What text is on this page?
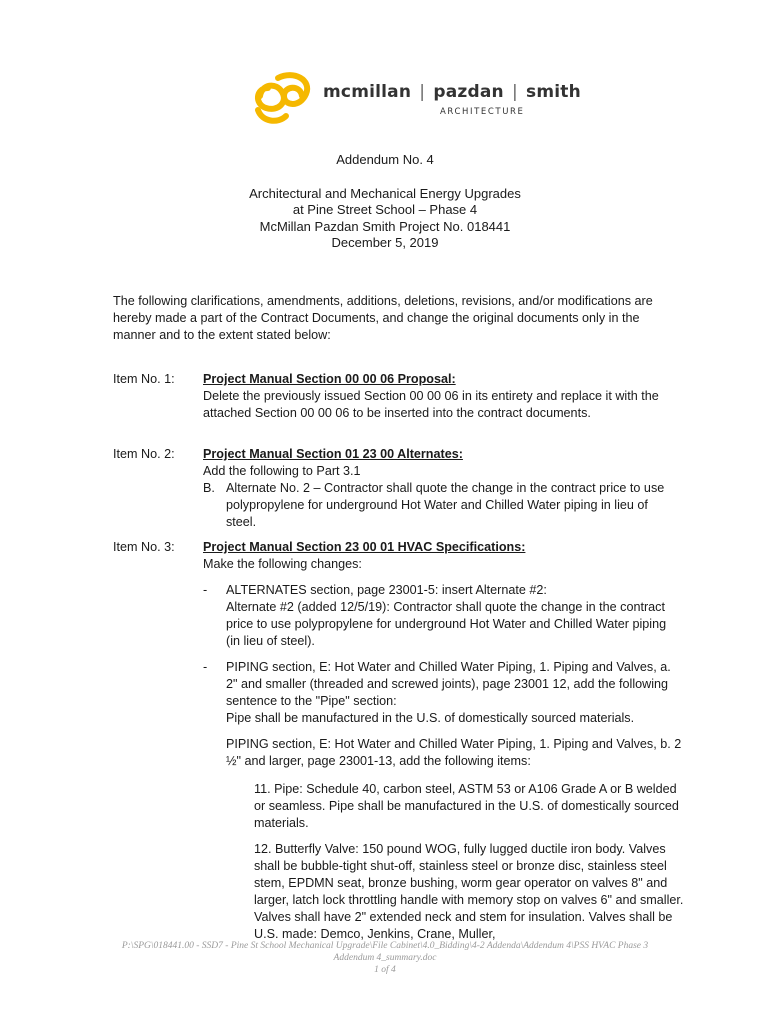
mcmillan | pazdan | smith
ARCHITECTURE
Addendum No. 4
Architectural and Mechanical Energy Upgrades
at Pine Street School – Phase 4
McMillan Pazdan Smith Project No. 018441
December 5, 2019
The following clarifications, amendments, additions, deletions, revisions, and/or modifications are hereby made a part of the Contract Documents, and change the original documents only in the manner and to the extent stated below:
Item No. 1:	Project Manual Section 00 00 06 Proposal:
Delete the previously issued Section 00 00 06 in its entirety and replace it with the attached Section 00 00 06 to be inserted into the contract documents.
Item No. 2:	Project Manual Section 01 23 00 Alternates:
Add the following to Part 3.1
B. Alternate No. 2 – Contractor shall quote the change in the contract price to use polypropylene for underground Hot Water and Chilled Water piping in lieu of steel.
Item No. 3:	Project Manual Section 23 00 01 HVAC Specifications:
Make the following changes:
- ALTERNATES section, page 23001-5: insert Alternate #2:
Alternate #2 (added 12/5/19): Contractor shall quote the change in the contract price to use polypropylene for underground Hot Water and Chilled Water piping (in lieu of steel).
- PIPING section, E: Hot Water and Chilled Water Piping, 1. Piping and Valves, a. 2" and smaller (threaded and screwed joints), page 23001 12, add the following sentence to the "Pipe" section:
Pipe shall be manufactured in the U.S. of domestically sourced materials.
PIPING section, E: Hot Water and Chilled Water Piping, 1. Piping and Valves, b. 2 ½" and larger, page 23001-13, add the following items:
11. Pipe: Schedule 40, carbon steel, ASTM 53 or A106 Grade A or B welded or seamless. Pipe shall be manufactured in the U.S. of domestically sourced materials.
12. Butterfly Valve: 150 pound WOG, fully lugged ductile iron body. Valves shall be bubble-tight shut-off, stainless steel or bronze disc, stainless steel stem, EPDMN seat, bronze bushing, worm gear operator on valves 8" and larger, latch lock throttling handle with memory stop on valves 6" and smaller. Valves shall have 2" extended neck and stem for insulation. Valves shall be U.S. made: Demco, Jenkins, Crane, Muller,
P:\SPG\018441.00 - SSD7 - Pine St School Mechanical Upgrade\File Cabinet\4.0_Bidding\4-2 Addenda\Addendum 4\PSS HVAC Phase 3
Addendum 4_summary.doc
1 of 4
